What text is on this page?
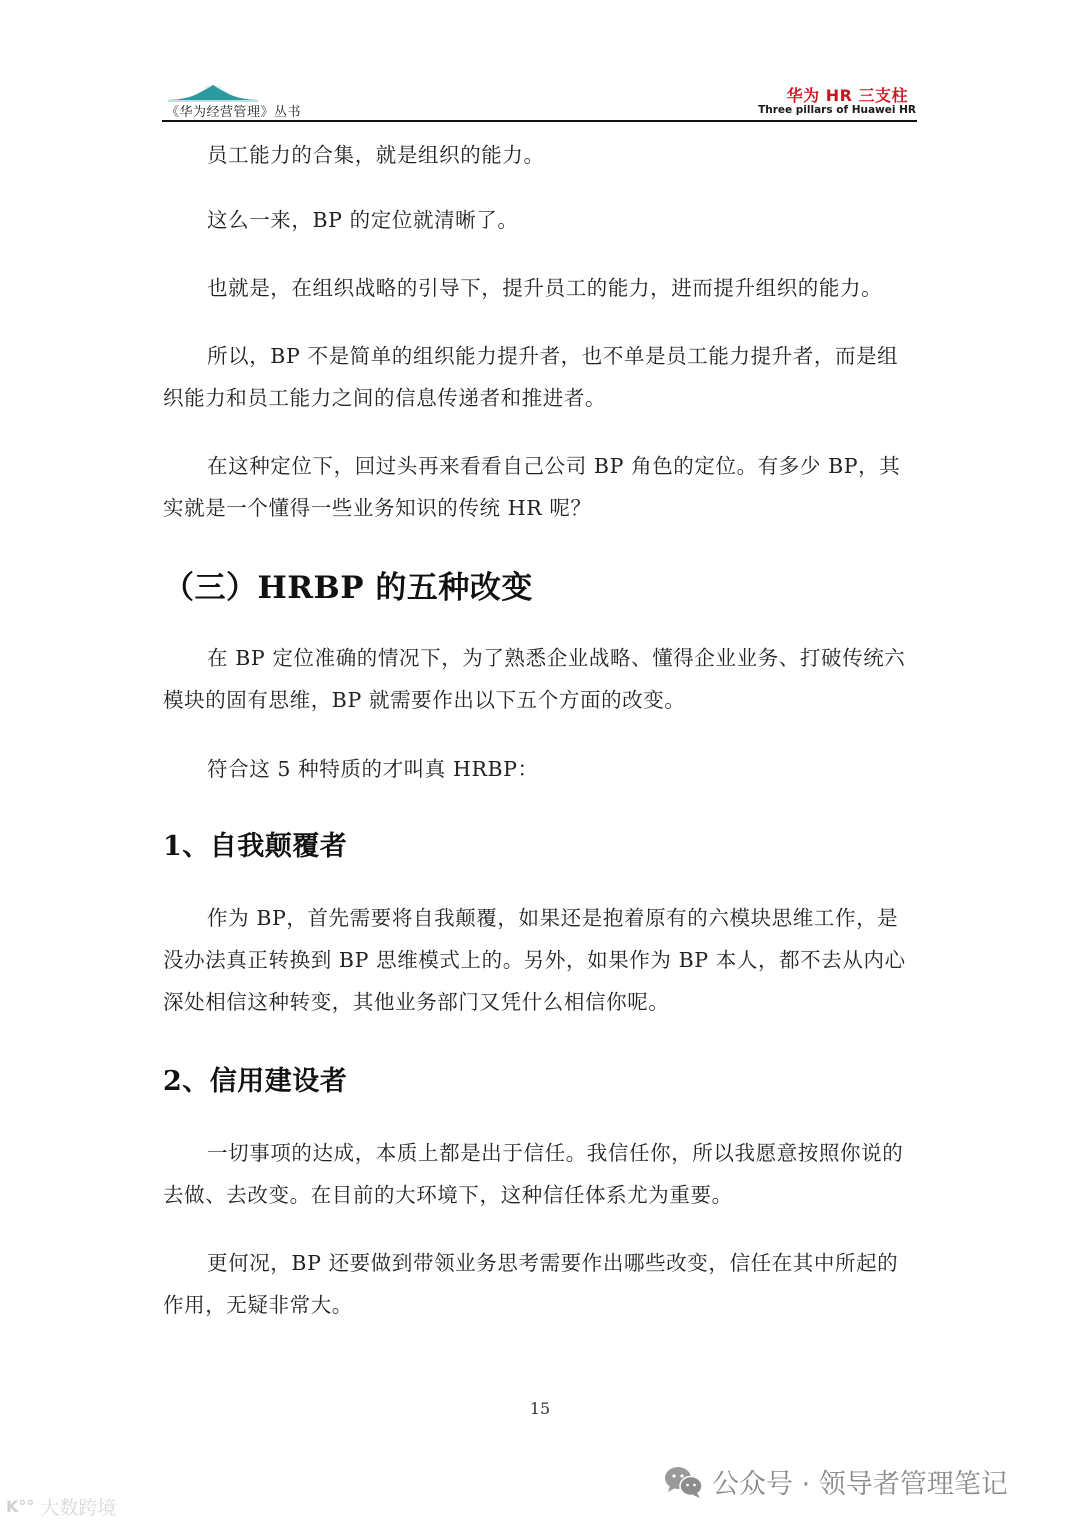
《华为经营管理》丛书
华为 HR 三支柱
Three pillars of Huawei HR
员工能力的合集，就是组织的能力。
这么一来，BP 的定位就清晰了。
也就是，在组织战略的引导下，提升员工的能力，进而提升组织的能力。
所以，BP 不是简单的组织能力提升者，也不单是员工能力提升者，而是组
织能力和员工能力之间的信息传递者和推进者。
在这种定位下，回过头再来看看自己公司 BP 角色的定位。有多少 BP，其
实就是一个懂得一些业务知识的传统 HR 呢？
（三）HRBP 的五种改变
在 BP 定位准确的情况下，为了熟悉企业战略、懂得企业业务、打破传统六
模块的固有思维，BP 就需要作出以下五个方面的改变。
符合这 5 种特质的才叫真 HRBP：
1、自我颠覆者
作为 BP，首先需要将自我颠覆，如果还是抱着原有的六模块思维工作，是
没办法真正转换到 BP 思维模式上的。另外，如果作为 BP 本人，都不去从内心
深处相信这种转变，其他业务部门又凭什么相信你呢。
2、信用建设者
一切事项的达成，本质上都是出于信任。我信任你，所以我愿意按照你说的
去做、去改变。在目前的大环境下，这种信任体系尤为重要。
更何况，BP 还要做到带领业务思考需要作出哪些改变，信任在其中所起的
作用，无疑非常大。
15
K°° 大数跨境
公众号 · 领导者管理笔记
